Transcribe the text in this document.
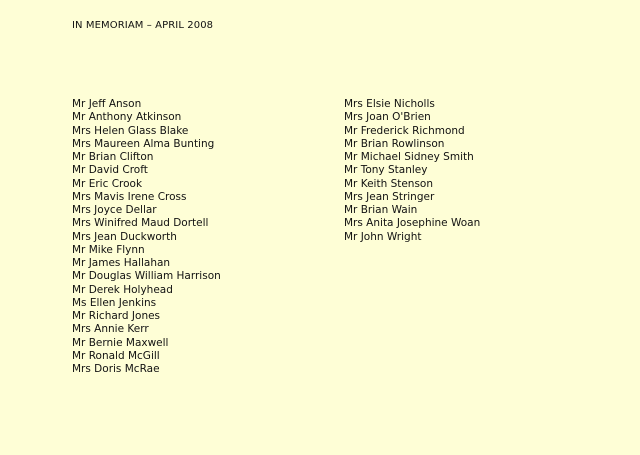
IN MEMORIAM – APRIL 2008
Mr Jeff Anson
Mr Anthony Atkinson
Mrs Helen Glass Blake
Mrs Maureen Alma Bunting
Mr Brian Clifton
Mr David Croft
Mr Eric Crook
Mrs Mavis Irene Cross
Mrs Joyce Dellar
Mrs Winifred Maud Dortell
Mrs Jean Duckworth
Mr Mike Flynn
Mr James Hallahan
Mr Douglas William Harrison
Mr Derek Holyhead
Ms Ellen Jenkins
Mr Richard Jones
Mrs Annie Kerr
Mr Bernie Maxwell
Mr Ronald McGill
Mrs Doris McRae
Mrs Elsie Nicholls
Mrs Joan O'Brien
Mr Frederick Richmond
Mr Brian Rowlinson
Mr Michael Sidney Smith
Mr Tony Stanley
Mr Keith Stenson
Mrs Jean Stringer
Mr Brian Wain
Mrs Anita Josephine Woan
Mr John Wright
